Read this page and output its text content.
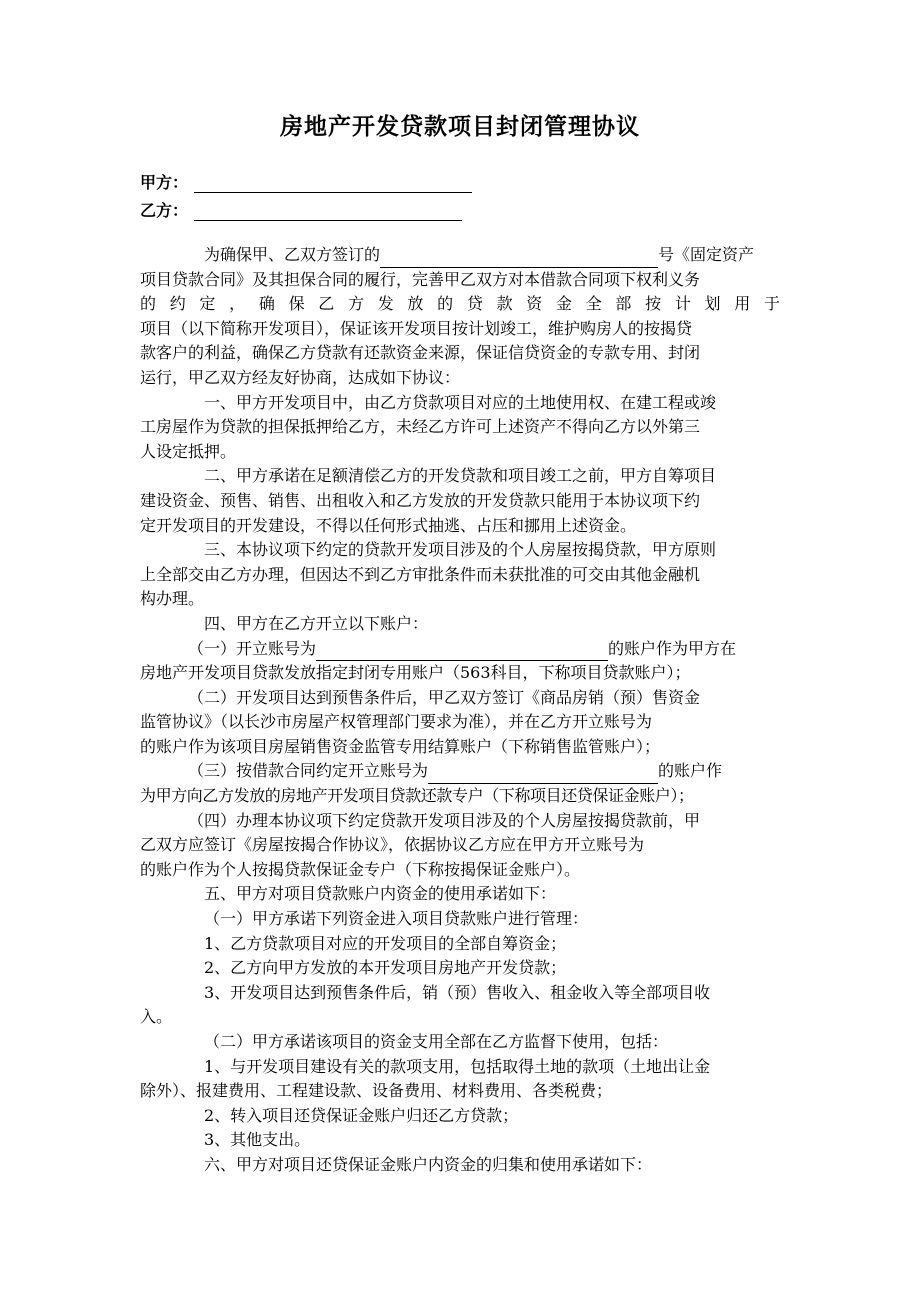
房地产开发贷款项目封闭管理协议
甲方：
乙方：

为确保甲、乙双方签订的	号《固定资产

项目贷款合同》及其担保合同的履行，完善甲乙双方对本借款合同项下权利义务

的约定，确保乙方发放的贷款资金全部按计划用于

项目（以下简称开发项目），保证该开发项目按计划竣工，维护购房人的按揭贷

款客户的利益，确保乙方贷款有还款资金来源，保证信贷资金的专款专用、封闭

运行，甲乙双方经友好协商，达成如下协议：

一、甲方开发项目中，由乙方贷款项目对应的土地使用权、在建工程或竣

工房屋作为贷款的担保抵押给乙方，未经乙方许可上述资产不得向乙方以外第三

人设定抵押。

二、甲方承诺在足额清偿乙方的开发贷款和项目竣工之前，甲方自筹项目

建设资金、预售、销售、出租收入和乙方发放的开发贷款只能用于本协议项下约

定开发项目的开发建设，不得以任何形式抽逃、占压和挪用上述资金。

三、本协议项下约定的贷款开发项目涉及的个人房屋按揭贷款，甲方原则

上全部交由乙方办理，但因达不到乙方审批条件而未获批准的可交由其他金融机

构办理。

四、甲方在乙方开立以下账户：

（一）开立账号为	的账户作为甲方在

房地产开发项目贷款发放指定封闭专用账户（563科目，下称项目贷款账户）；

（二）开发项目达到预售条件后，甲乙双方签订《商品房销（预）售资金

监管协议》（以长沙市房屋产权管理部门要求为准），并在乙方开立账号为

的账户作为该项目房屋销售资金监管专用结算账户（下称销售监管账户）；

（三）按借款合同约定开立账号为	的账户作

为甲方向乙方发放的房地产开发项目贷款还款专户（下称项目还贷保证金账户）；

（四）办理本协议项下约定贷款开发项目涉及的个人房屋按揭贷款前，甲

乙双方应签订《房屋按揭合作协议》，依据协议乙方应在甲方开立账号为

的账户作为个人按揭贷款保证金专户（下称按揭保证金账户）。

五、甲方对项目贷款账户内资金的使用承诺如下：

（一）甲方承诺下列资金进入项目贷款账户进行管理：

1、乙方贷款项目对应的开发项目的全部自筹资金；

2、乙方向甲方发放的本开发项目房地产开发贷款；

3、开发项目达到预售条件后，销（预）售收入、租金收入等全部项目收

入。

（二）甲方承诺该项目的资金支用全部在乙方监督下使用，包括：

1、与开发项目建设有关的款项支用，包括取得土地的款项（土地出让金

除外）、报建费用、工程建设款、设备费用、材料费用、各类税费；

2、转入项目还贷保证金账户归还乙方贷款；

3、其他支出。

六、甲方对项目还贷保证金账户内资金的归集和使用承诺如下：
